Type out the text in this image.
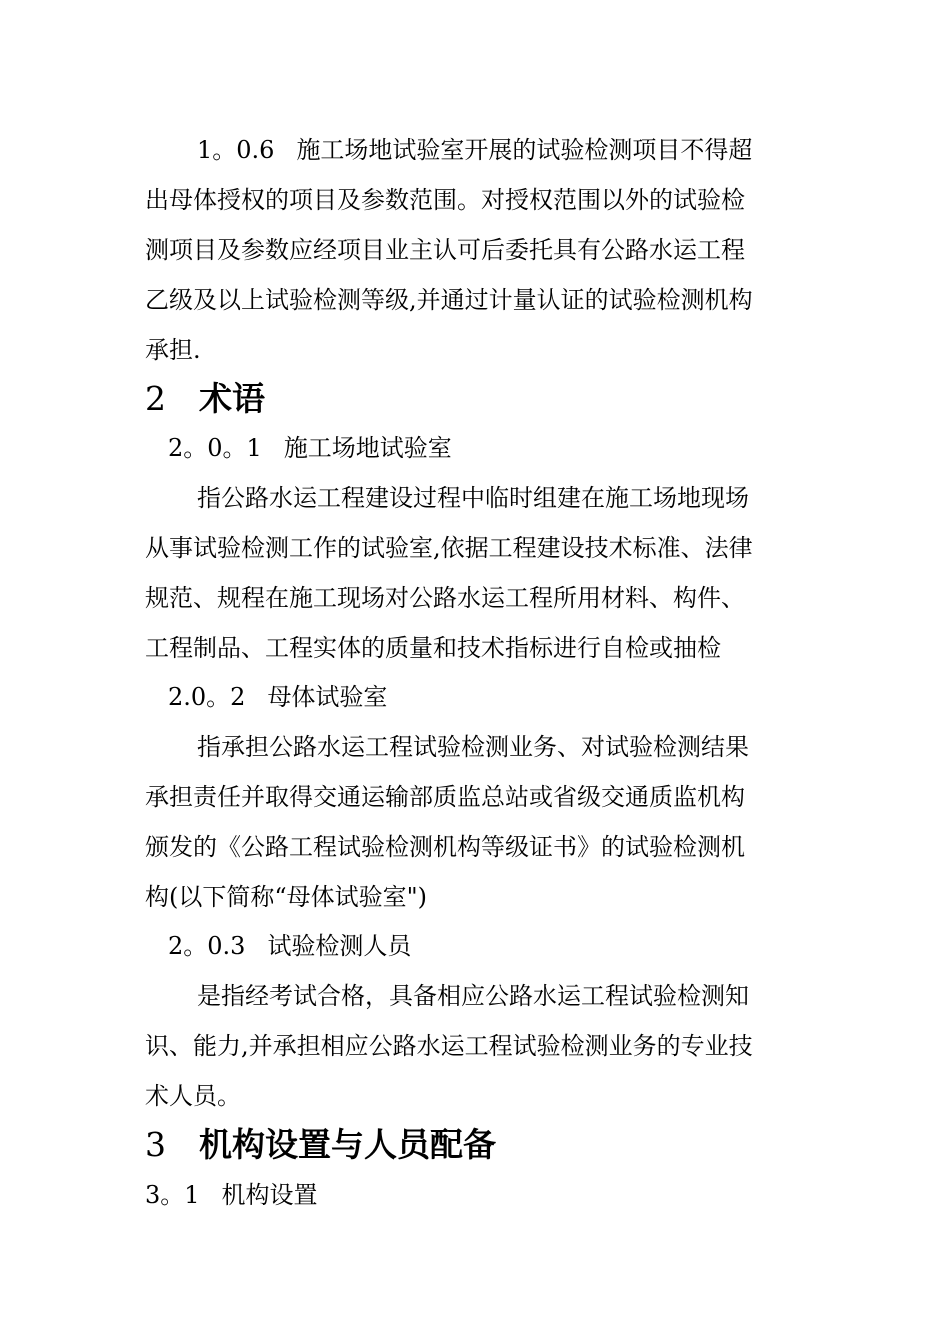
1。0.6 施工场地试验室开展的试验检测项目不得超
出母体授权的项目及参数范围。对授权范围以外的试验检
测项目及参数应经项目业主认可后委托具有公路水运工程
乙级及以上试验检测等级,并通过计量认证的试验检测机构
承担.
2 术语
2。0。1 施工场地试验室
指公路水运工程建设过程中临时组建在施工场地现场
从事试验检测工作的试验室,依据工程建设技术标准、法律
规范、规程在施工现场对公路水运工程所用材料、构件、
工程制品、工程实体的质量和技术指标进行自检或抽检
2.0。2 母体试验室
指承担公路水运工程试验检测业务、对试验检测结果
承担责任并取得交通运输部质监总站或省级交通质监机构
颁发的《公路工程试验检测机构等级证书》的试验检测机
构(以下简称“母体试验室")
2。0.3 试验检测人员
是指经考试合格，具备相应公路水运工程试验检测知
识、能力,并承担相应公路水运工程试验检测业务的专业技
术人员。
3 机构设置与人员配备
3。1 机构设置
